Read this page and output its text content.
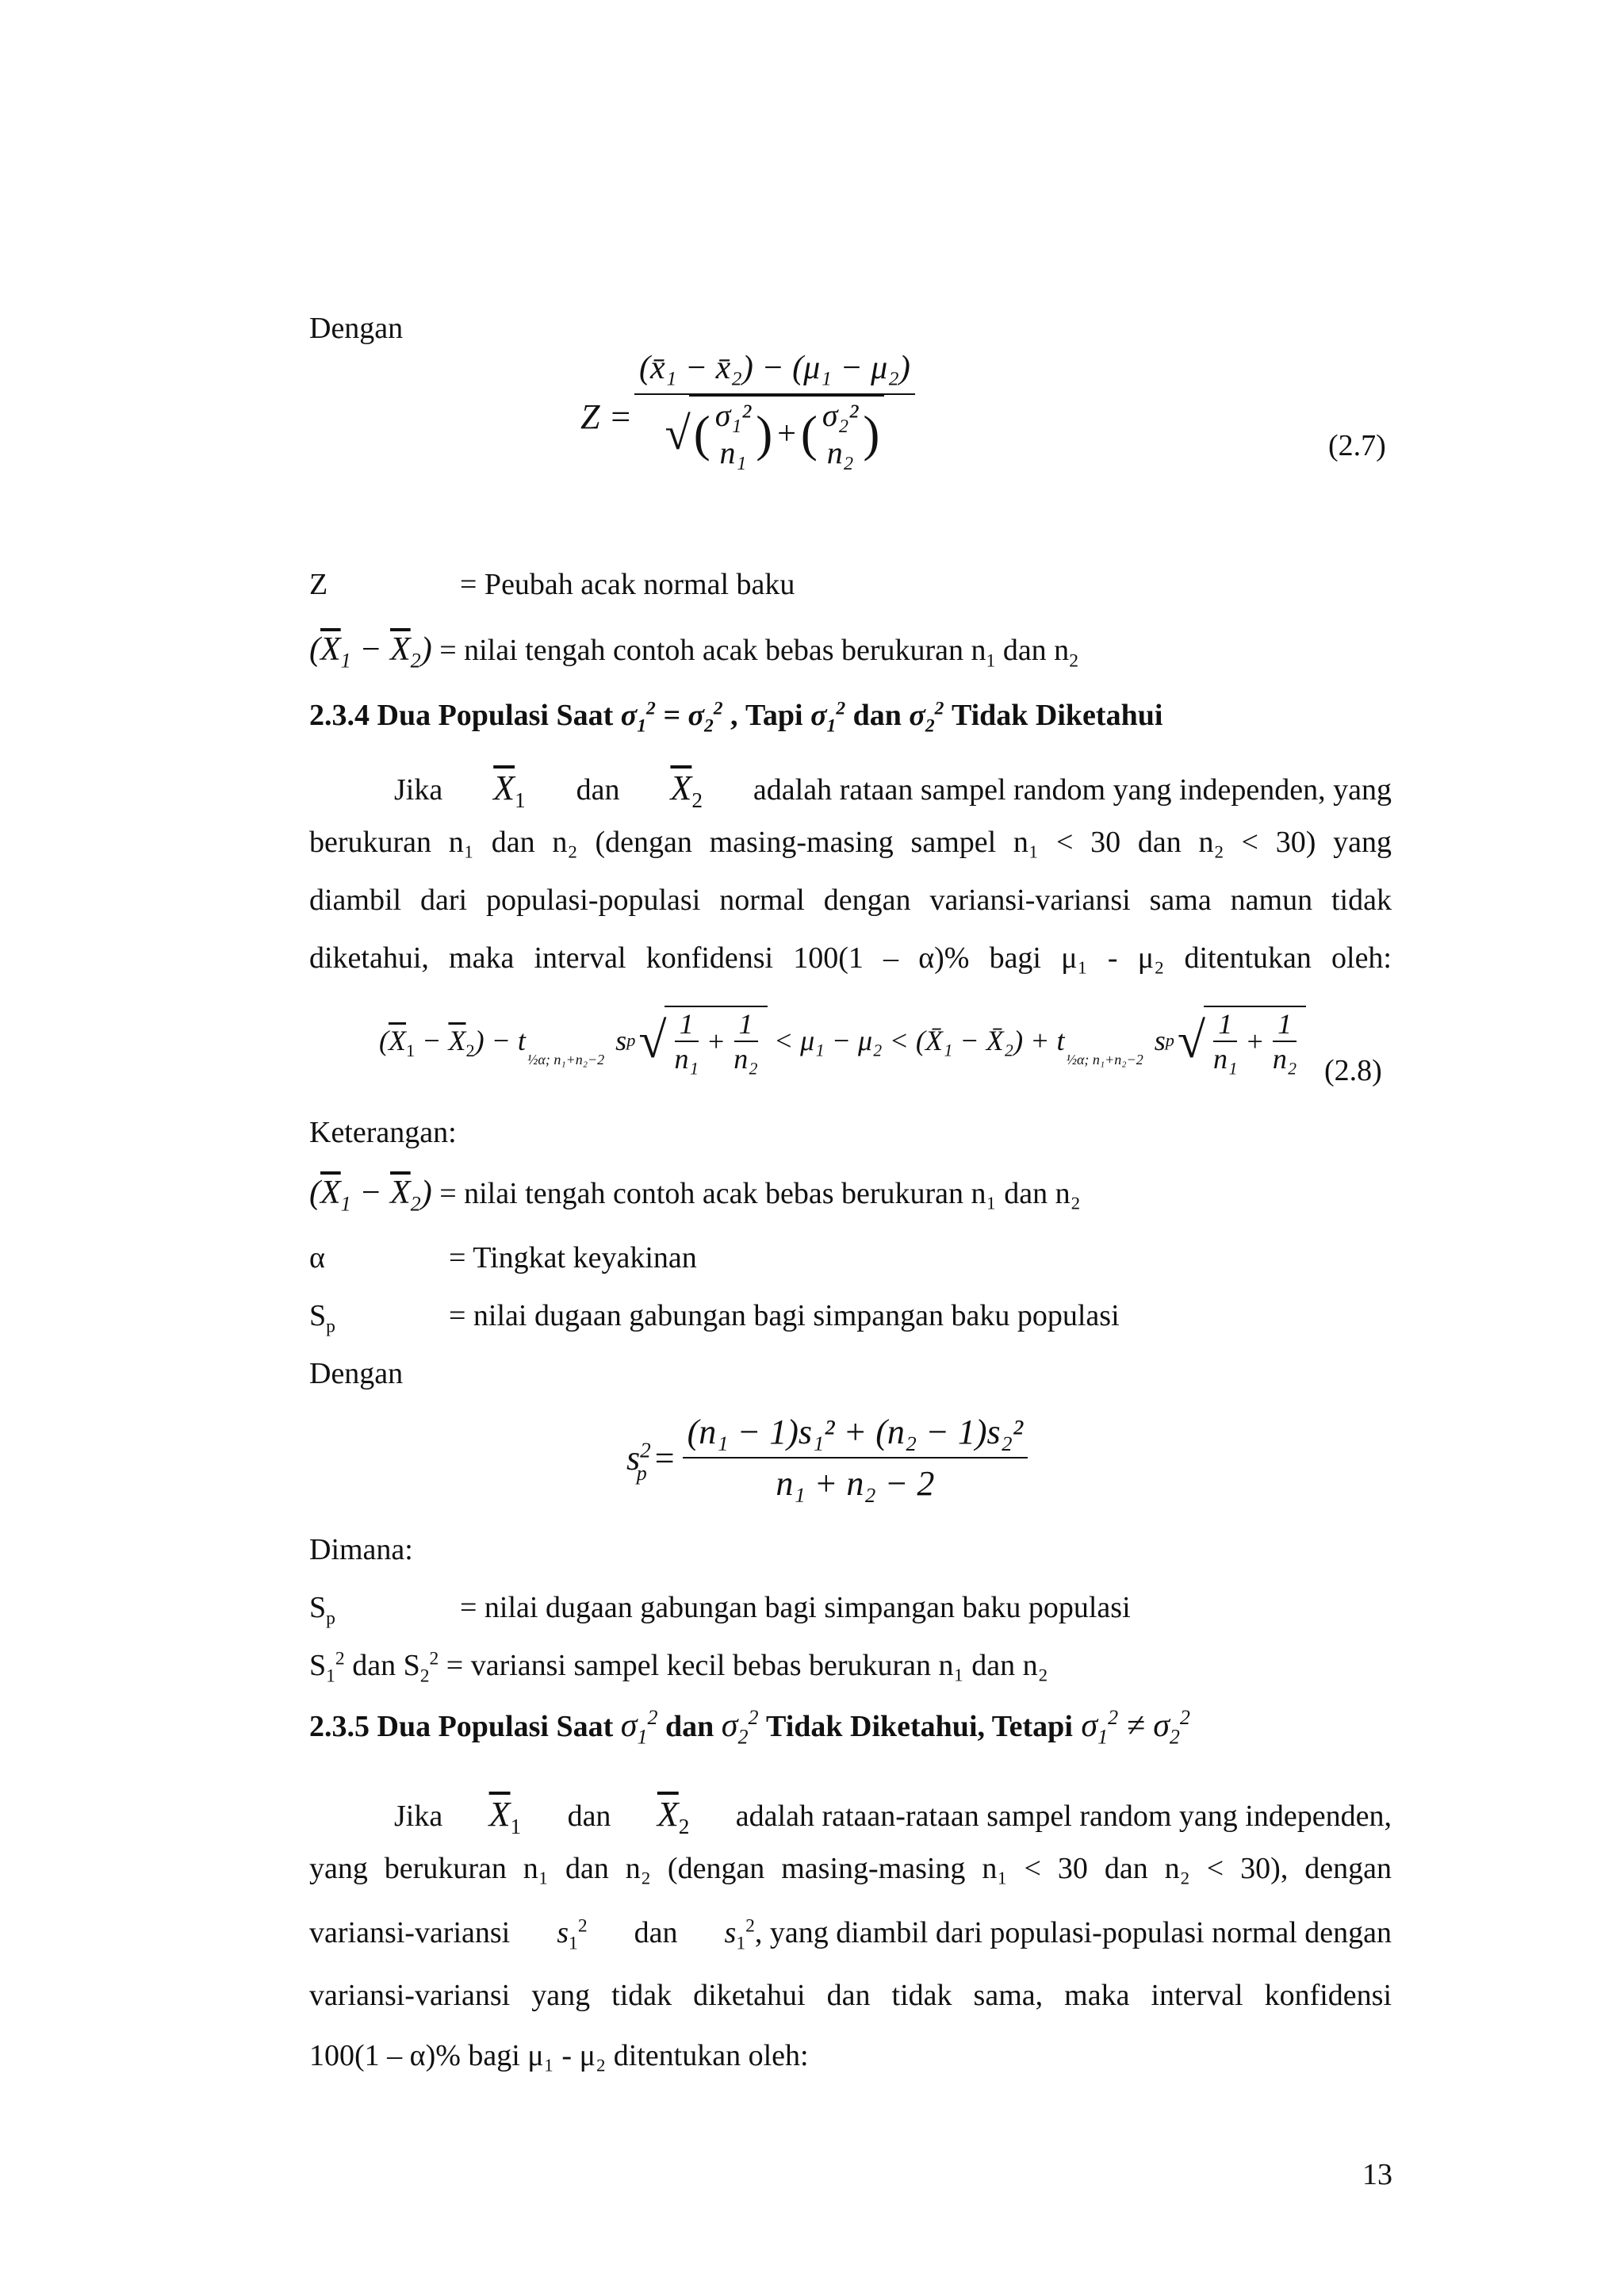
Dengan
Z =
(x̄₁ − x̄₂) − (μ₁ − μ₂)
√ ( σ₁²
n₁ ) + ( σ₂²
n₂ )	(2.7)
Z	= Peubah acak normal baku
$(\overline{X}_1 - \overline{X}_2)$ = nilai tengah contoh acak bebas berukuran $n_1$ dan $n_2$
2.3.4 Dua Populasi Saat $\sigma_1^2 = \sigma_2^2$ , Tapi $\sigma_1^2$ dan $\sigma_2^2$ Tidak Diketahui
Jika $\overline{X}_1$ dan $\overline{X}_2$ adalah rataan sampel random yang independen, yang
berukuran n₁ dan n₂ (dengan masing-masing sampel n₁ < 30 dan n₂ < 30) yang
diambil dari populasi-populasi normal dengan variansi-variansi sama namun tidak
diketahui, maka interval konfidensi 100(1 – α)% bagi μ₁ - μ₂ ditentukan oleh:
$(\overline{X}_1 - \overline{X}_2) - t$
½α; n₁+n₂−2
s p √ $\frac{1}{\text{n₁}} + \frac{1}{\text{n₂}} < \mu_1 - \mu_2$ < (X̄₁ − X̄₂) + t
½α; n₁+n₂−2
s p √ $\frac{1}{\text{n₁}} + \frac{1}{\text{n₂}} (2.8)$
Keterangan:
$(\overline{X}_1 - \overline{X}_2)$ = nilai tengah contoh acak bebas berukuran n₁ dan n₂
α	= Tingkat keyakinan
$S_p$	= nilai dugaan gabungan bagi simpangan baku populasi
Dengan
$s^2$
$p = \frac{\text{(n₁ − 1)s₁² + (n₂ − 1)s₂²}}{\text{n₁ + n₂ − 2}}$
Dimana:
$S_p$	= nilai dugaan gabungan bagi simpangan baku populasi
$S_1^2$ dan $S_2^2$ = variansi sampel kecil bebas berukuran n₁ dan n₂
2.3.5 Dua Populasi Saat $\sigma_1^2$ dan $\sigma_2^2$ Tidak Diketahui, Tetapi $\sigma_1^2 \ne \sigma_2^2$
Jika $\overline{X}_1$ dan $\overline{X}_2$ adalah rataan-rataan sampel random yang independen,
yang berukuran n₁ dan n₂ (dengan masing-masing n₁ < 30 dan n₂ < 30), dengan
variansi-variansi $s_1^2$ dan $s_1^2$, yang diambil dari populasi-populasi normal dengan
variansi-variansi yang tidak diketahui dan tidak sama, maka interval konfidensi
100(1 – α)% bagi μ₁ - μ₂ ditentukan oleh:
13
